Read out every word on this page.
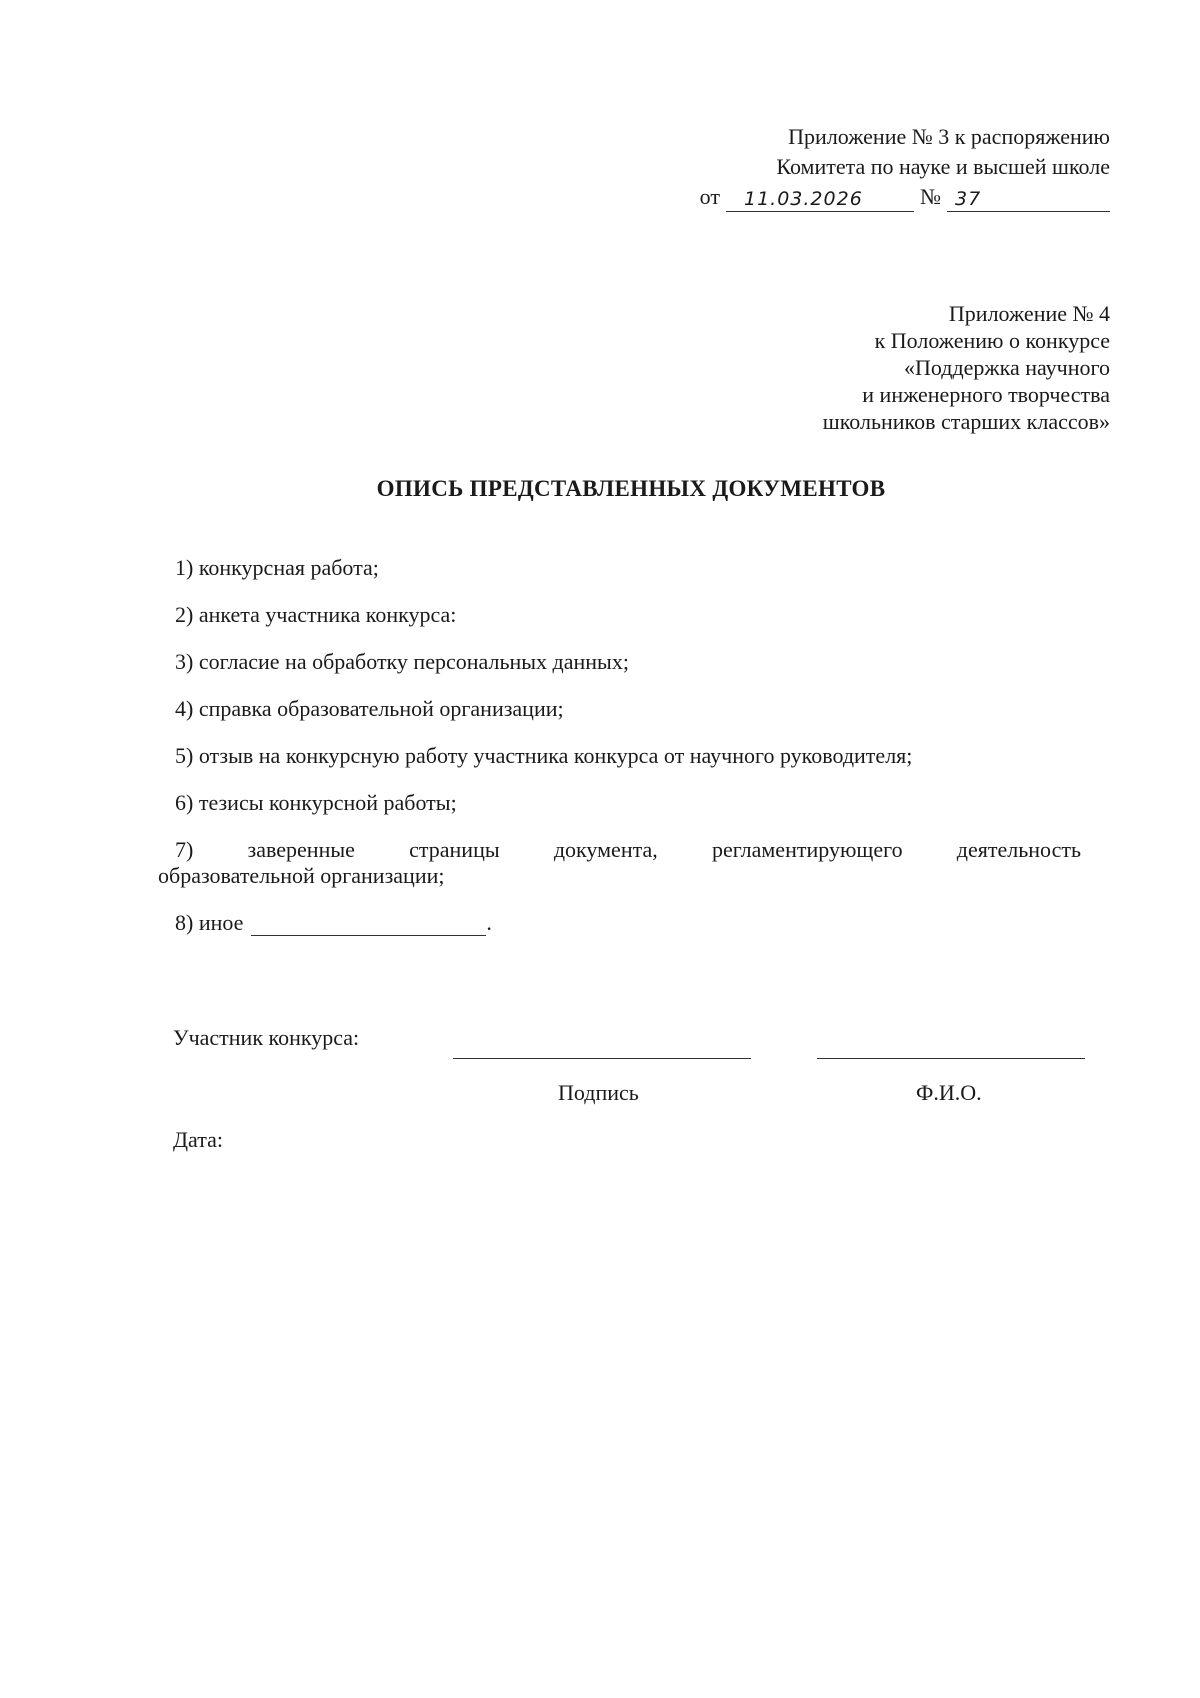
Приложение № 3 к распоряжению
Комитета по науке и высшей школе
от	11.03.2026	№ 37
Приложение № 4
к Положению о конкурсе
«Поддержка научного
и инженерного творчества
школьников старших классов»
ОПИСЬ ПРЕДСТАВЛЕННЫХ ДОКУМЕНТОВ
1) конкурсная работа;
2) анкета участника конкурса:
3) согласие на обработку персональных данных;
4) справка образовательной организации;
5) отзыв на конкурсную работу участника конкурса от научного руководителя;
6) тезисы конкурсной работы;
7) заверенные страницы документа, регламентирующего деятельность
образовательной организации;
8) иное	.
Участник конкурса:
Подпись	Ф.И.О.
Дата:
